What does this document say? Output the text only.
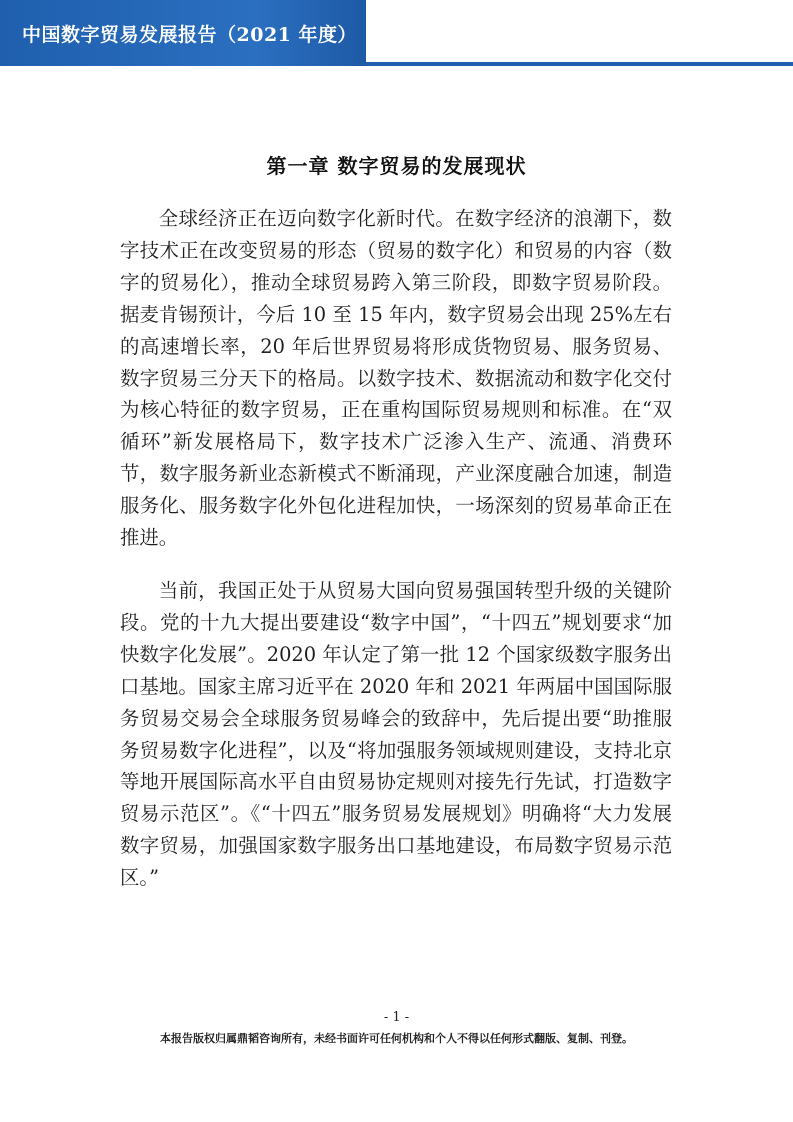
中国数字贸易发展报告（2021 年度）
第一章 数字贸易的发展现状

全球经济正在迈向数字化新时代。在数字经济的浪潮下，数字技术正在改变贸易的形态（贸易的数字化）和贸易的内容（数字的贸易化），推动全球贸易跨入第三阶段，即数字贸易阶段。据麦肯锡预计，今后 10 至 15 年内，数字贸易会出现 25%左右的高速增长率，20 年后世界贸易将形成货物贸易、服务贸易、数字贸易三分天下的格局。以数字技术、数据流动和数字化交付为核心特征的数字贸易，正在重构国际贸易规则和标准。在“双循环”新发展格局下，数字技术广泛渗入生产、流通、消费环节，数字服务新业态新模式不断涌现，产业深度融合加速，制造服务化、服务数字化外包化进程加快，一场深刻的贸易革命正在推进。

当前，我国正处于从贸易大国向贸易强国转型升级的关键阶段。党的十九大提出要建设“数字中国”，“十四五”规划要求“加快数字化发展”。2020 年认定了第一批 12 个国家级数字服务出口基地。国家主席习近平在 2020 年和 2021 年两届中国国际服务贸易交易会全球服务贸易峰会的致辞中，先后提出要“助推服务贸易数字化进程”，以及“将加强服务领域规则建设，支持北京等地开展国际高水平自由贸易协定规则对接先行先试，打造数字贸易示范区”。《“十四五”服务贸易发展规划》明确将“大力发展数字贸易，加强国家数字服务出口基地建设，布局数字贸易示范区。”

- 1 -
本报告版权归属鼎韬咨询所有，未经书面许可任何机构和个人不得以任何形式翻版、复制、刊登。
